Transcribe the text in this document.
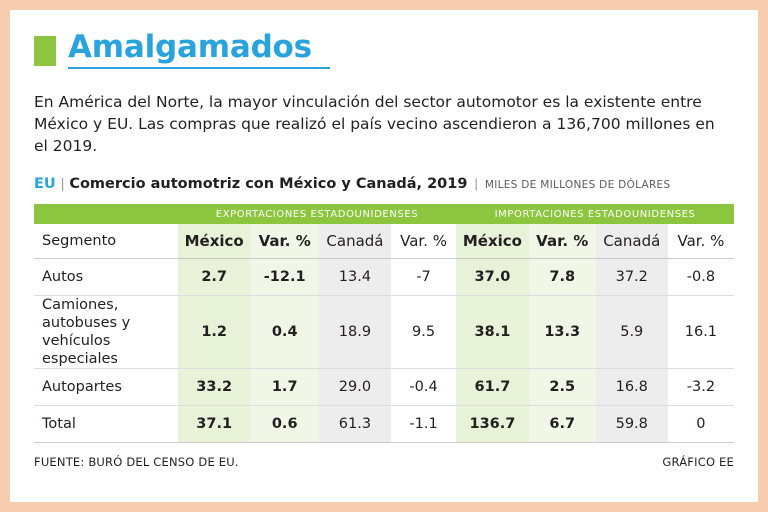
Amalgamados
En América del Norte, la mayor vinculación del sector automotor es la existente entre México y EU. Las compras que realizó el país vecino ascendieron a 136,700 millones en el 2019.
EU | Comercio automotriz con México y Canadá, 2019 | MILES DE MILLONES DE DÓLARES
	EXPORTACIONES ESTADOUNIDENSES				IMPORTACIONES ESTADOUNIDENSES			
Segmento	México	Var. %	Canadá	Var. %	México	Var. %	Canadá	Var. %
Autos	2.7	-12.1	13.4	-7	37.0	7.8	37.2	-0.8
Camiones, autobuses y vehículos especiales	1.2	0.4	18.9	9.5	38.1	13.3	5.9	16.1
Autopartes	33.2	1.7	29.0	-0.4	61.7	2.5	16.8	-3.2
Total	37.1	0.6	61.3	-1.1	136.7	6.7	59.8	0
FUENTE: BURÓ DEL CENSO DE EU.	GRÁFICO EE
